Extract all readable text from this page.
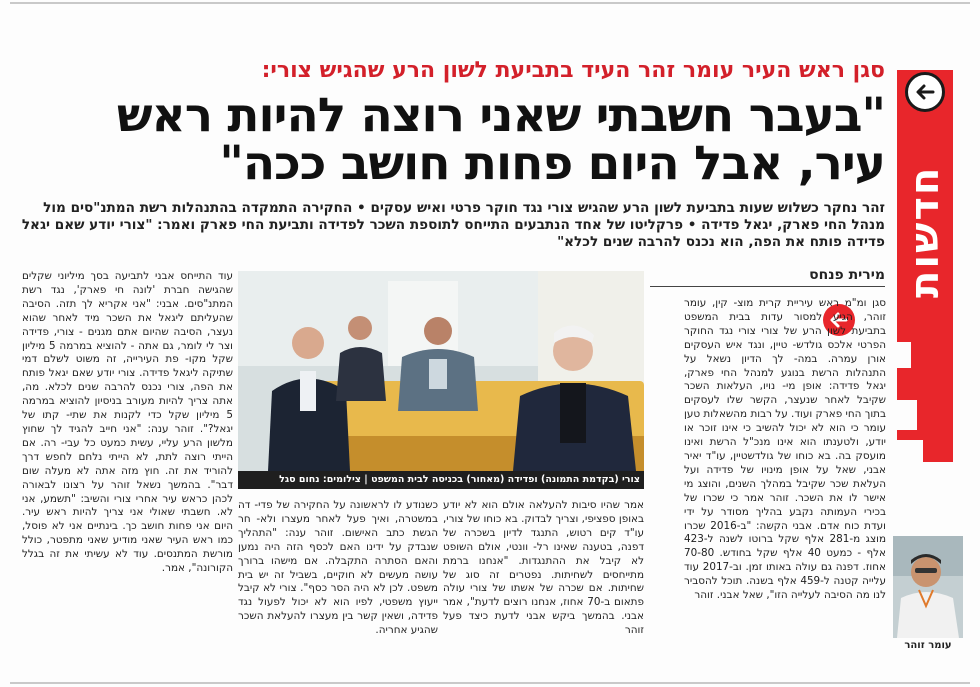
חדשות
סגן ראש העיר עומר זהר העיד בתביעת לשון הרע שהגיש צורי:
"בעבר חשבתי שאני רוצה להיות ראש
עיר, אבל היום פחות חושב ככה"
זהר נחקר כשלוש שעות בתביעת לשון הרע שהגיש צורי נגד חוקר פרטי ואיש עסקים • החקירה התמקדה בהתנהלות רשת המתנ"סים מול מנהל החי פארק, יגאל פדידה • פרקליטו של אחד הנתבעים התייחס לתוספת השכר לפדידה ותביעת החי פארק ואמר: "צורי יודע שאם יגאל פדידה פותח את הפה, הוא נכנס להרבה שנים לכלא"
מירית פנחס
צורי (בקדמת התמונה) ופדידה (מאחור) בכניסה לבית המשפט | צילומים: נחום סגל
סגן ומ"מ ראש עיריית קרית מוצ- קין, עומר זוהר, הגיע למסור עדות בבית המשפט בתביעת לשון הרע של צורי צורי נגד החוקר הפרטי אלכס גולדש- טיין, ונגד איש העסקים אורן עמרה. במה- לך הדיון נשאל על התנהלות הרשת בנוגע למנהל החי פארק, יגאל פדידה: אופן מי- נויו, העלאות השכר שקיבל לאחר שנעצר, הקשר שלו לעסקים בתוך החי פארק ועוד. על רבות מהשאלות טען עומר כי הוא לא יכול להשיב כי אינו זוכר או יודע, ולטענתו הוא אינו מנכ"ל הרשת ואינו מועסק בה. בא כוחו של גולדשטיין, עו"ד יאיר אבני, שאל על אופן מינויו של פדידה ועל העלאת שכר שקיבל במהלך השנים, והוצג מי אישר לו את השכר. זוהר אמר כי שכרו של בכירי העמותה נקבע בהליך מסודר על ידי ועדת כוח אדם. אבני הקשה: "ב-2016 שכרו מוצג מ-281 אלף שקל ברוטו לשנה ל-423 אלף - כמעט 40 אלף שקל בחודש. 70-80 אחוז. דפנה גם עולה באותו זמן. וב-2017 עוד עלייה קטנה ל-459 אלף בשנה. תוכל להסביר לנו מה הסיבה לעלייה הזו", שאל אבני. זוהר
אמר שהיו סיבות להעלאה אולם הוא לא יודע באופן ספציפי, וצריך לבדוק. בא כוחו של צורי, עו"ד קים רטוש, התנגד לדיון בשכרה של דפנה, בטענה שאינו רל- וונטי, אולם השופט לא קיבל את ההתנגדות. "אנחנו ברמת מתייחסים לשחיתות. נפטרים זה סוג של שחיתות. אם שכרה של אשתו של צורי עולה פתאום ב-70 אחוז, אנחנו רוצים לדעת", אמר אבני. בהמשך ביקש אבני לדעת כיצד פעל זוהר
כשנודע לו לראשונה על החקירה של פדי- דה במשטרה, ואיך פעל לאחר מעצרו ולא- חר הגשת כתב האישום. זוהר ענה: "התהליך שנבדק על ידינו האם לכסף הזה היה נמען והאם הסתרה התקבלה. אם מישהו ברורך עושה מעשים לא חוקיים, בשביל זה יש בית משפט. לכן לא היה הסר כסף". צורי לא קיבל ייעוץ משפטי, לפיו הוא לא יכול לפעול נגד פדידה, ושאין קשר בין מעצרו להעלאת השכר שהגיע אחריה.
עוד התייחס אבני לתביעה בסך מיליוני שקלים שהגישה חברת 'לונה חי פארק', נגד רשת המתנ"סים. אבני: "אני אקריא לך תזה. הסיבה שהעליתם ליגאל את השכר מיד לאחר שהוא נעצר, הסיבה שהיום אתם מגנים - צורי, פדידה וצר לי לומר, גם אתה - להוציא במרמה 5 מיליון שקל מקו- פת העירייה, זה משוט לשלם דמי שתיקה ליגאל פדידה. צורי יודע שאם יגאל פותח את הפה, צורי נכנס להרבה שנים לכלא. מה, אתה צריך להיות מעורב בניסיון להוציא במרמה 5 מיליון שקל כדי לקנות את שתי- קתו של יגאל?". זוהר ענה: "אני חייב להגיד לך שחוץ מלשון הרע עליי, עשית כמעט כל עבי- רה. אם הייתי רוצה לתת, לא הייתי נלחם לחפש דרך להוריד את זה. חוץ מזה אתה לא מעלה שום דבר". בהמשך נשאל זוהר על רצונו לבאורה לכהן כראש עיר אחרי צורי והשיב: "תשמע, אני לא. חשבתי שאולי אני צריך להיות ראש עיר. היום אני פחות חושב כך. בינתיים אני לא פוסל, כמו ראש העיר שאני מודיע שאני מתפטר, כולל מורשת המתנסים. עוד לא עשיתי את זה בגלל הקורונה", אמר.
עומר זוהר
